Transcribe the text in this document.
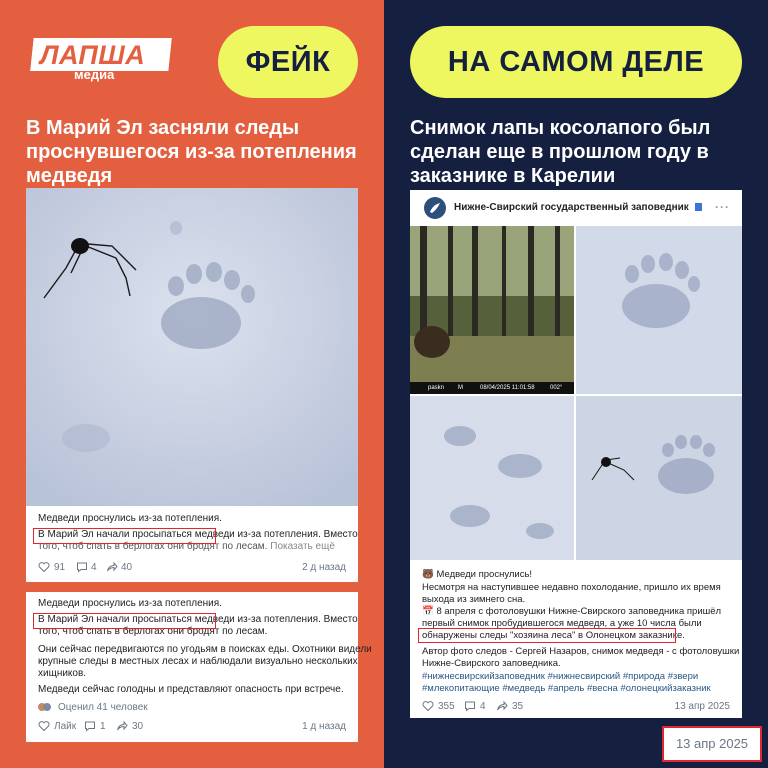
ЛАПША
медиа	ФЕЙК
В Марий Эл засняли следы проснувшегося из-за потепления медведя
Медведи проснулись из-за потепления.
В Марий Эл начали просыпаться медведи из-за потепления. Вместо
того, чтоб спать в берлогах они бродят по лесам. Показать ещё
91	4 40	2 д назад
Медведи проснулись из-за потепления.
В Марий Эл начали просыпаться медведи из-за потепления. Вместо
того, чтоб спать в берлогах они бродят по лесам.
Они сейчас передвигаются по угодьям в поисках еды. Охотники видели
крупные следы в местных лесах и наблюдали визуально нескольких
хищников.
Медведи сейчас голодны и представляют опасность при встрече.
Оценил 41 человек
Лайк 1	30	1 д назад
НА САМОМ ДЕЛЕ
Снимок лапы косолапого был сделан еще в прошлом году в заказнике в Карелии
Нижне-Свирский государственный заповедник	···
paskn M	08/04/2025 11:01:58	002°
🐻 Медведи проснулись!
Несмотря на наступившее недавно похолодание, пришло их время
выхода из зимнего сна.
📅 8 апреля с фотоловушки Нижне-Свирского заповедника пришёл
первый снимок пробудившегося медведя, а уже 10 числа были
обнаружены следы "хозяина леса" в Олонецком заказнике.
Автор фото следов - Сергей Назаров, снимок медведя - с фотоловушки
Нижне-Свирского заповедника.
#нижнесвирскийзаповедник #нижнесвирский #природа #звери
#млекопитающие #медведь #апрель #весна #олонецкийзаказник
355	4	35	13 апр 2025
13 апр 2025
